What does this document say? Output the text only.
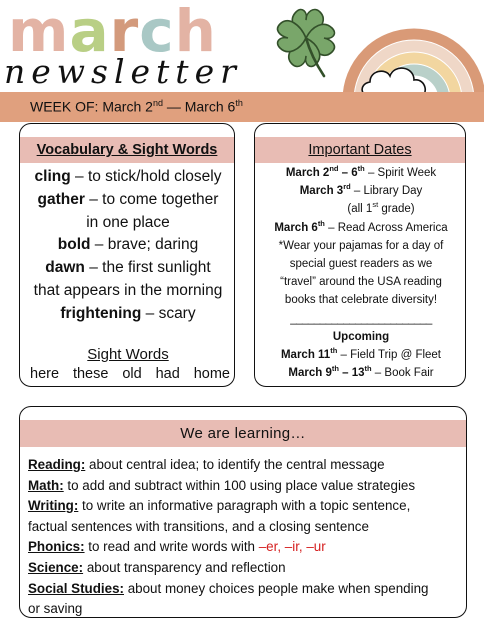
march
newsletter
WEEK OF: March 2nd — March 6th
Vocabulary & Sight Words
cling – to stick/hold closely
gather – to come together
in one place
bold – brave; daring
dawn – the first sunlight
that appears in the morning
frightening – scary
Sight Words
here these old had home
Important Dates
March 2nd – 6th – Spirit Week
March 3rd – Library Day
(all 1st grade)
March 6th – Read Across America
*Wear your pajamas for a day of
special guest readers as we
“travel” around the USA reading
books that celebrate diversity!
________________________
Upcoming
March 11th – Field Trip @ Fleet
March 9th – 13th – Book Fair
We are learning…
Reading: about central idea; to identify the central message
Math: to add and subtract within 100 using place value strategies
Writing: to write an informative paragraph with a topic sentence,
factual sentences with transitions, and a closing sentence
Phonics: to read and write words with –er, –ir, –ur
Science: about transparency and reflection
Social Studies: about money choices people make when spending
or saving
